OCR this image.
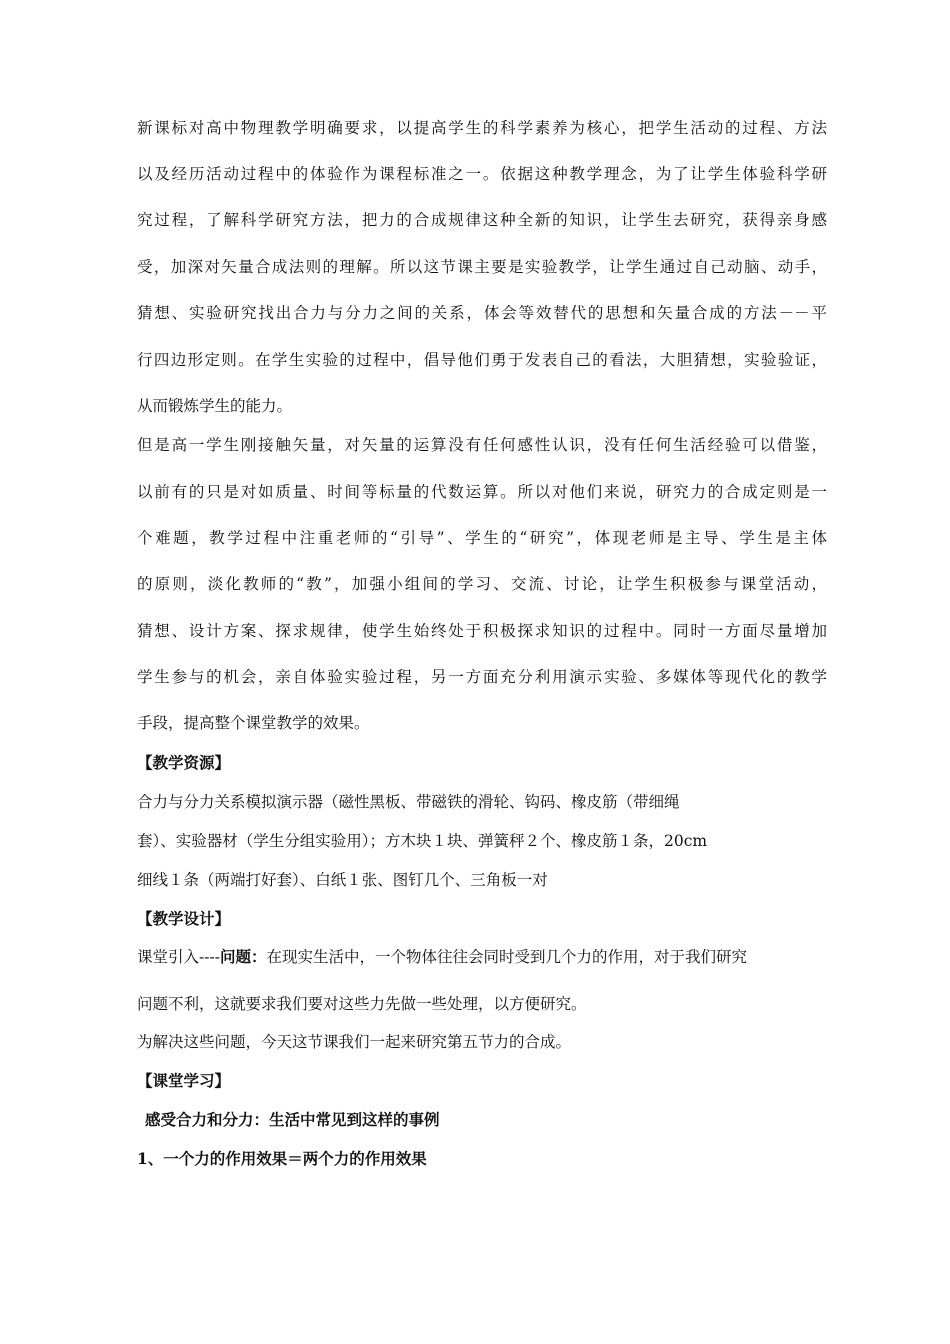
新课标对高中物理教学明确要求，以提高学生的科学素养为核心，把学生活动的过程、方法
以及经历活动过程中的体验作为课程标准之一。依据这种教学理念，为了让学生体验科学研
究过程，了解科学研究方法，把力的合成规律这种全新的知识，让学生去研究，获得亲身感
受，加深对矢量合成法则的理解。所以这节课主要是实验教学，让学生通过自己动脑、动手，
猜想、实验研究找出合力与分力之间的关系，体会等效替代的思想和矢量合成的方法－－平
行四边形定则。在学生实验的过程中，倡导他们勇于发表自己的看法，大胆猜想，实验验证，
从而锻炼学生的能力。
但是高一学生刚接触矢量，对矢量的运算没有任何感性认识，没有任何生活经验可以借鉴，
以前有的只是对如质量、时间等标量的代数运算。所以对他们来说，研究力的合成定则是一
个难题，教学过程中注重老师的“引导”、学生的“研究”，体现老师是主导、学生是主体
的原则，淡化教师的“教”，加强小组间的学习、交流、讨论，让学生积极参与课堂活动，
猜想、设计方案、探求规律，使学生始终处于积极探求知识的过程中。同时一方面尽量增加
学生参与的机会，亲自体验实验过程，另一方面充分利用演示实验、多媒体等现代化的教学
手段，提高整个课堂教学的效果。
【教学资源】
合力与分力关系模拟演示器（磁性黑板、带磁铁的滑轮、钩码、橡皮筋（带细绳
套）、实验器材（学生分组实验用）；方木块１块、弹簧秤２个、橡皮筋１条，20cm
细线１条（两端打好套）、白纸１张、图钉几个、三角板一对
【教学设计】
课堂引入----问题：在现实生活中，一个物体往往会同时受到几个力的作用，对于我们研究
问题不利，这就要求我们要对这些力先做一些处理，以方便研究。
为解决这些问题，今天这节课我们一起来研究第五节力的合成。
【课堂学习】
感受合力和分力：生活中常见到这样的事例
1、一个力的作用效果＝两个力的作用效果
